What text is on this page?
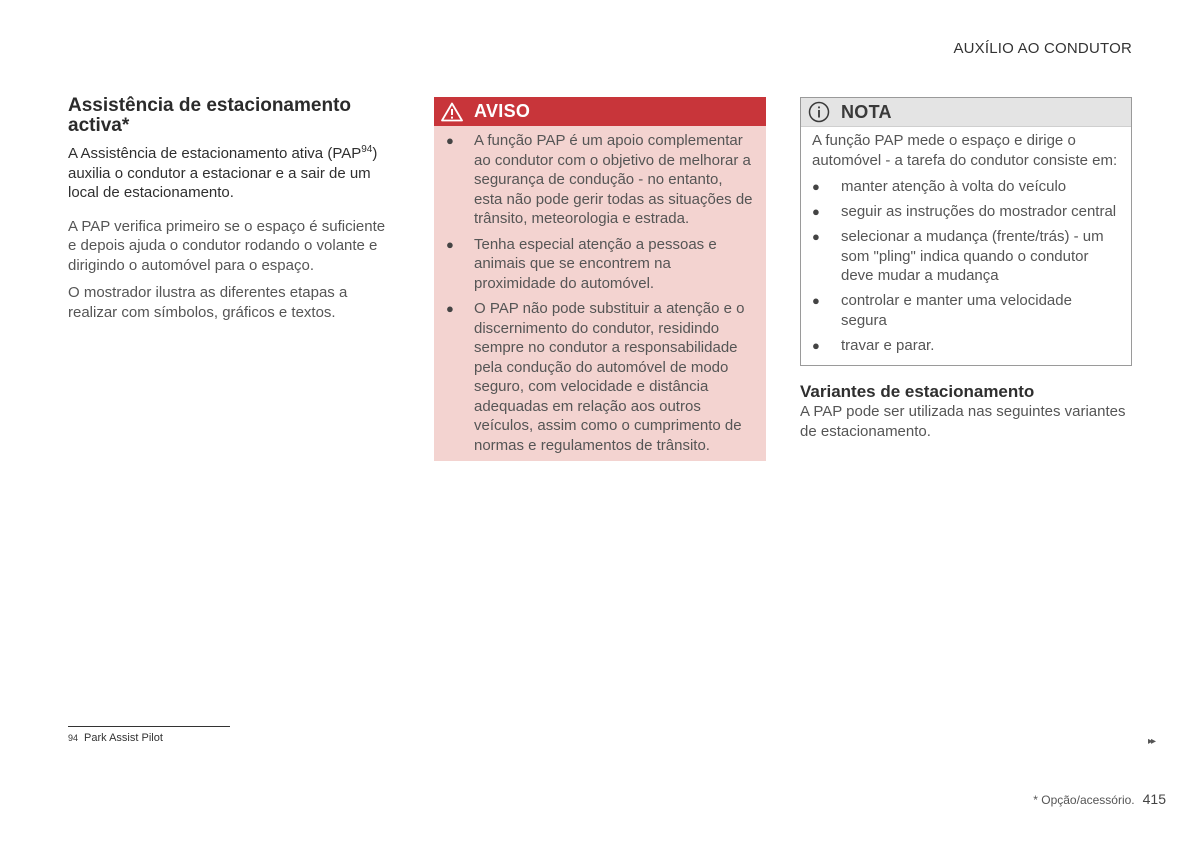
AUXÍLIO AO CONDUTOR
Assistência de estacionamento activa*

A Assistência de estacionamento ativa (PAP$^{94}$) auxilia o condutor a estacionar e a sair de um local de estacionamento.

A PAP verifica primeiro se o espaço é suficiente e depois ajuda o condutor rodando o volante e dirigindo o automóvel para o espaço.

O mostrador ilustra as diferentes etapas a realizar com símbolos, gráficos e textos.

AVISO
● A função PAP é um apoio complementar ao condutor com o objetivo de melhorar a segurança de condução - no entanto, esta não pode gerir todas as situações de trânsito, meteorologia e estrada.
● Tenha especial atenção a pessoas e animais que se encontrem na proximidade do automóvel.
● O PAP não pode substituir a atenção e o discernimento do condutor, residindo sempre no condutor a responsabilidade pela condução do automóvel de modo seguro, com velocidade e distância adequadas em relação aos outros veículos, assim como o cumprimento de normas e regulamentos de trânsito.
NOTA

A função PAP mede o espaço e dirige o automóvel - a tarefa do condutor consiste em:

● manter atenção à volta do veículo
● seguir as instruções do mostrador central
● selecionar a mudança (frente/trás) - um som "pling" indica quando o condutor deve mudar a mudança
● controlar e manter uma velocidade segura
● travar e parar.
Variantes de estacionamento

A PAP pode ser utilizada nas seguintes variantes de estacionamento.

94 Park Assist Pilot	▸▸
* Opção/acessório. 415
